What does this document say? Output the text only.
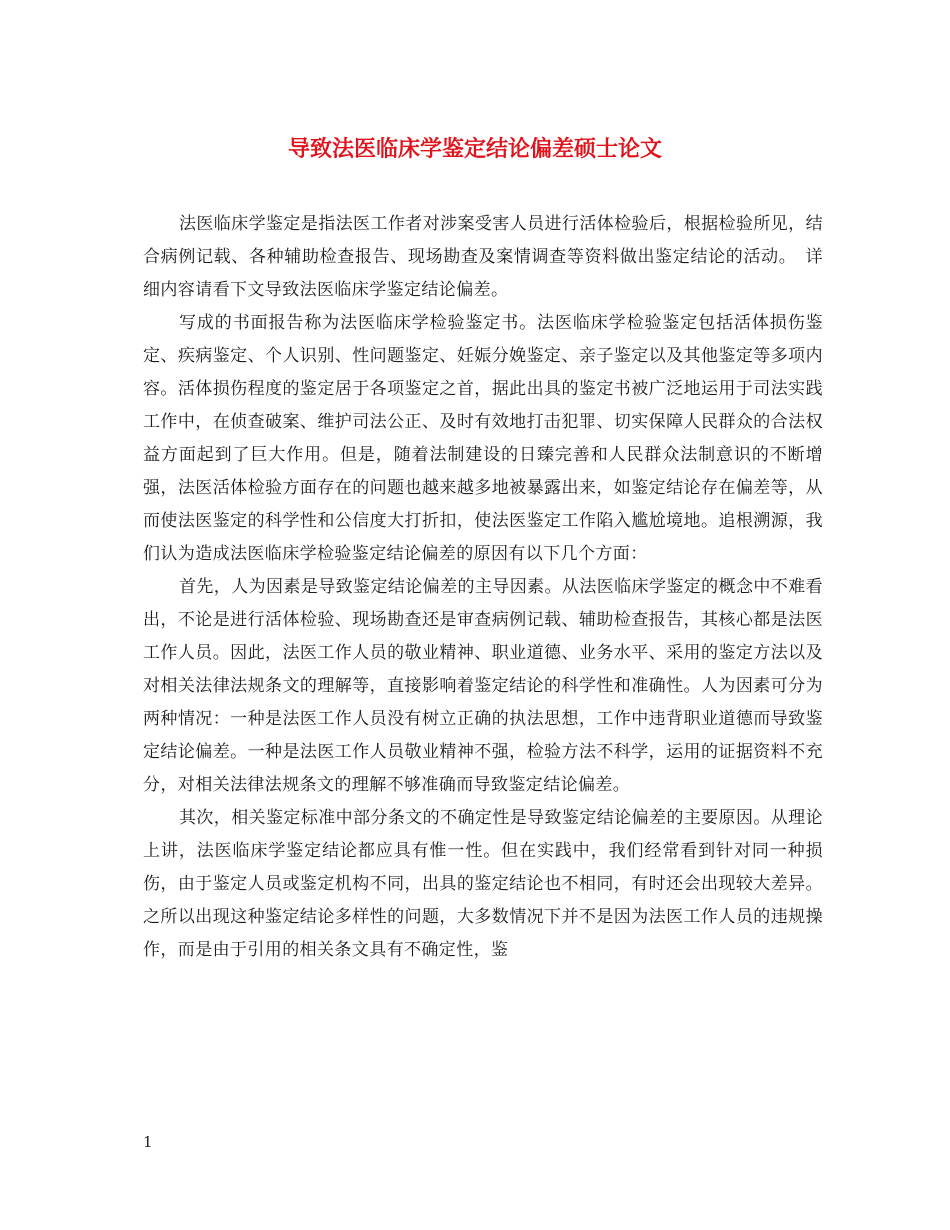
导致法医临床学鉴定结论偏差硕士论文

法医临床学鉴定是指法医工作者对涉案受害人员进行活体检验后，根据检验所见，结合病例记载、各种辅助检查报告、现场勘查及案情调查等资料做出鉴定结论的活动。　详细内容请看下文导致法医临床学鉴定结论偏差。

写成的书面报告称为法医临床学检验鉴定书。法医临床学检验鉴定包括活体损伤鉴定、疾病鉴定、个人识别、性问题鉴定、妊娠分娩鉴定、亲子鉴定以及其他鉴定等多项内容。活体损伤程度的鉴定居于各项鉴定之首，据此出具的鉴定书被广泛地运用于司法实践工作中，在侦查破案、维护司法公正、及时有效地打击犯罪、切实保障人民群众的合法权益方面起到了巨大作用。但是，随着法制建设的日臻完善和人民群众法制意识的不断增强，法医活体检验方面存在的问题也越来越多地被暴露出来，如鉴定结论存在偏差等，从而使法医鉴定的科学性和公信度大打折扣，使法医鉴定工作陷入尴尬境地。追根溯源，我们认为造成法医临床学检验鉴定结论偏差的原因有以下几个方面：

首先，人为因素是导致鉴定结论偏差的主导因素。从法医临床学鉴定的概念中不难看出，不论是进行活体检验、现场勘查还是审查病例记载、辅助检查报告，其核心都是法医工作人员。因此，法医工作人员的敬业精神、职业道德、业务水平、采用的鉴定方法以及对相关法律法规条文的理解等，直接影响着鉴定结论的科学性和准确性。人为因素可分为两种情况：一种是法医工作人员没有树立正确的执法思想，工作中违背职业道德而导致鉴定结论偏差。一种是法医工作人员敬业精神不强，检验方法不科学，运用的证据资料不充分，对相关法律法规条文的理解不够准确而导致鉴定结论偏差。

其次，相关鉴定标准中部分条文的不确定性是导致鉴定结论偏差的主要原因。从理论上讲，法医临床学鉴定结论都应具有惟一性。但在实践中，我们经常看到针对同一种损伤，由于鉴定人员或鉴定机构不同，出具的鉴定结论也不相同，有时还会出现较大差异。之所以出现这种鉴定结论多样性的问题，大多数情况下并不是因为法医工作人员的违规操作，而是由于引用的相关条文具有不确定性，鉴

1
